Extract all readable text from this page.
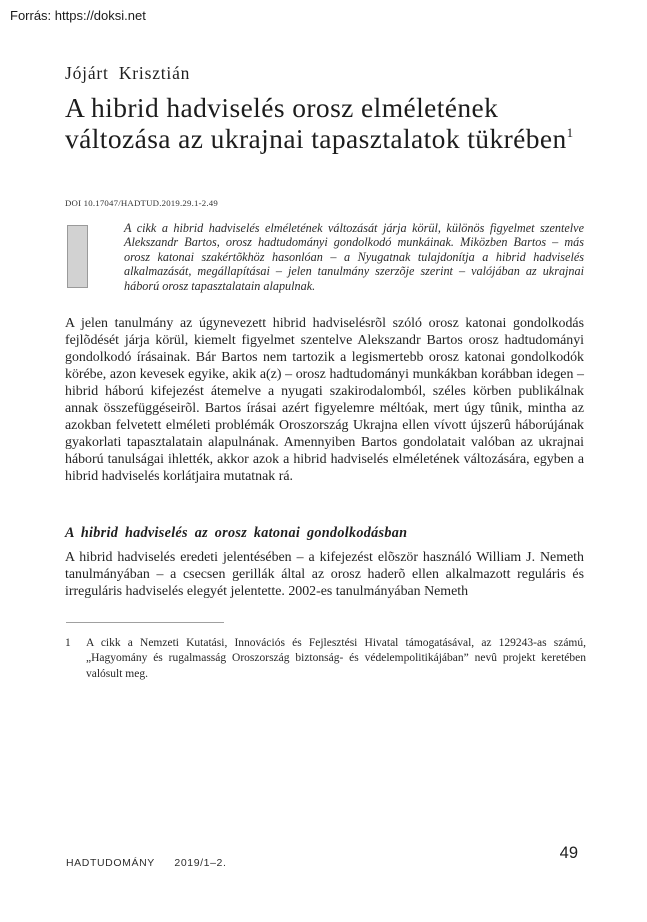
Forrás: https://doksi.net
Jójárt Krisztián
A hibrid hadviselés orosz elméletének változása az ukrajnai tapasztalatok tükrében$^1$
DOI 10.17047/HADTUD.2019.29.1-2.49

A cikk a hibrid hadviselés elméletének változását járja körül, különös figyelmet szentelve Alekszandr Bartos, orosz hadtudományi gondolkodó munkáinak. Miközben Bartos – más orosz katonai szakértõkhöz hasonlóan – a Nyugatnak tulajdonítja a hibrid hadviselés alkalmazását, megállapításai – jelen tanulmány szerzõje szerint – valójában az ukrajnai háború orosz tapasztalatain alapulnak.

A jelen tanulmány az úgynevezett hibrid hadviselésrõl szóló orosz katonai gondolkodás fejlõdését járja körül, kiemelt figyelmet szentelve Alekszandr Bartos orosz hadtudományi gondolkodó írásainak. Bár Bartos nem tartozik a legismertebb orosz katonai gondolkodók körébe, azon kevesek egyike, akik a(z) – orosz hadtudományi munkákban korábban idegen – hibrid háború kifejezést átemelve a nyugati szakirodalomból, széles körben publikálnak annak összefüggéseirõl. Bartos írásai azért figyelemre méltóak, mert úgy tûnik, mintha az azokban felvetett elméleti problémák Oroszország Ukrajna ellen vívott újszerû háborújának gyakorlati tapasztalatain alapulnának. Amennyiben Bartos gondolatait valóban az ukrajnai háború tanulságai ihlették, akkor azok a hibrid hadviselés elméletének változására, egyben a hibrid hadviselés korlátjaira mutatnak rá.

A hibrid hadviselés az orosz katonai gondolkodásban

A hibrid hadviselés eredeti jelentésében – a kifejezést elõször használó William J. Nemeth tanulmányában – a csecsen gerillák által az orosz haderõ ellen alkalmazott reguláris és irreguláris hadviselés elegyét jelentette. 2002-es tanulmányában Nemeth

1 A cikk a Nemzeti Kutatási, Innovációs és Fejlesztési Hivatal támogatásával, az 129243-as számú, „Hagyomány és rugalmasság Oroszország biztonság- és védelempolitikájában” nevû projekt keretében valósult meg.
HADTUDOMÁNY 2019/1–2.
49
